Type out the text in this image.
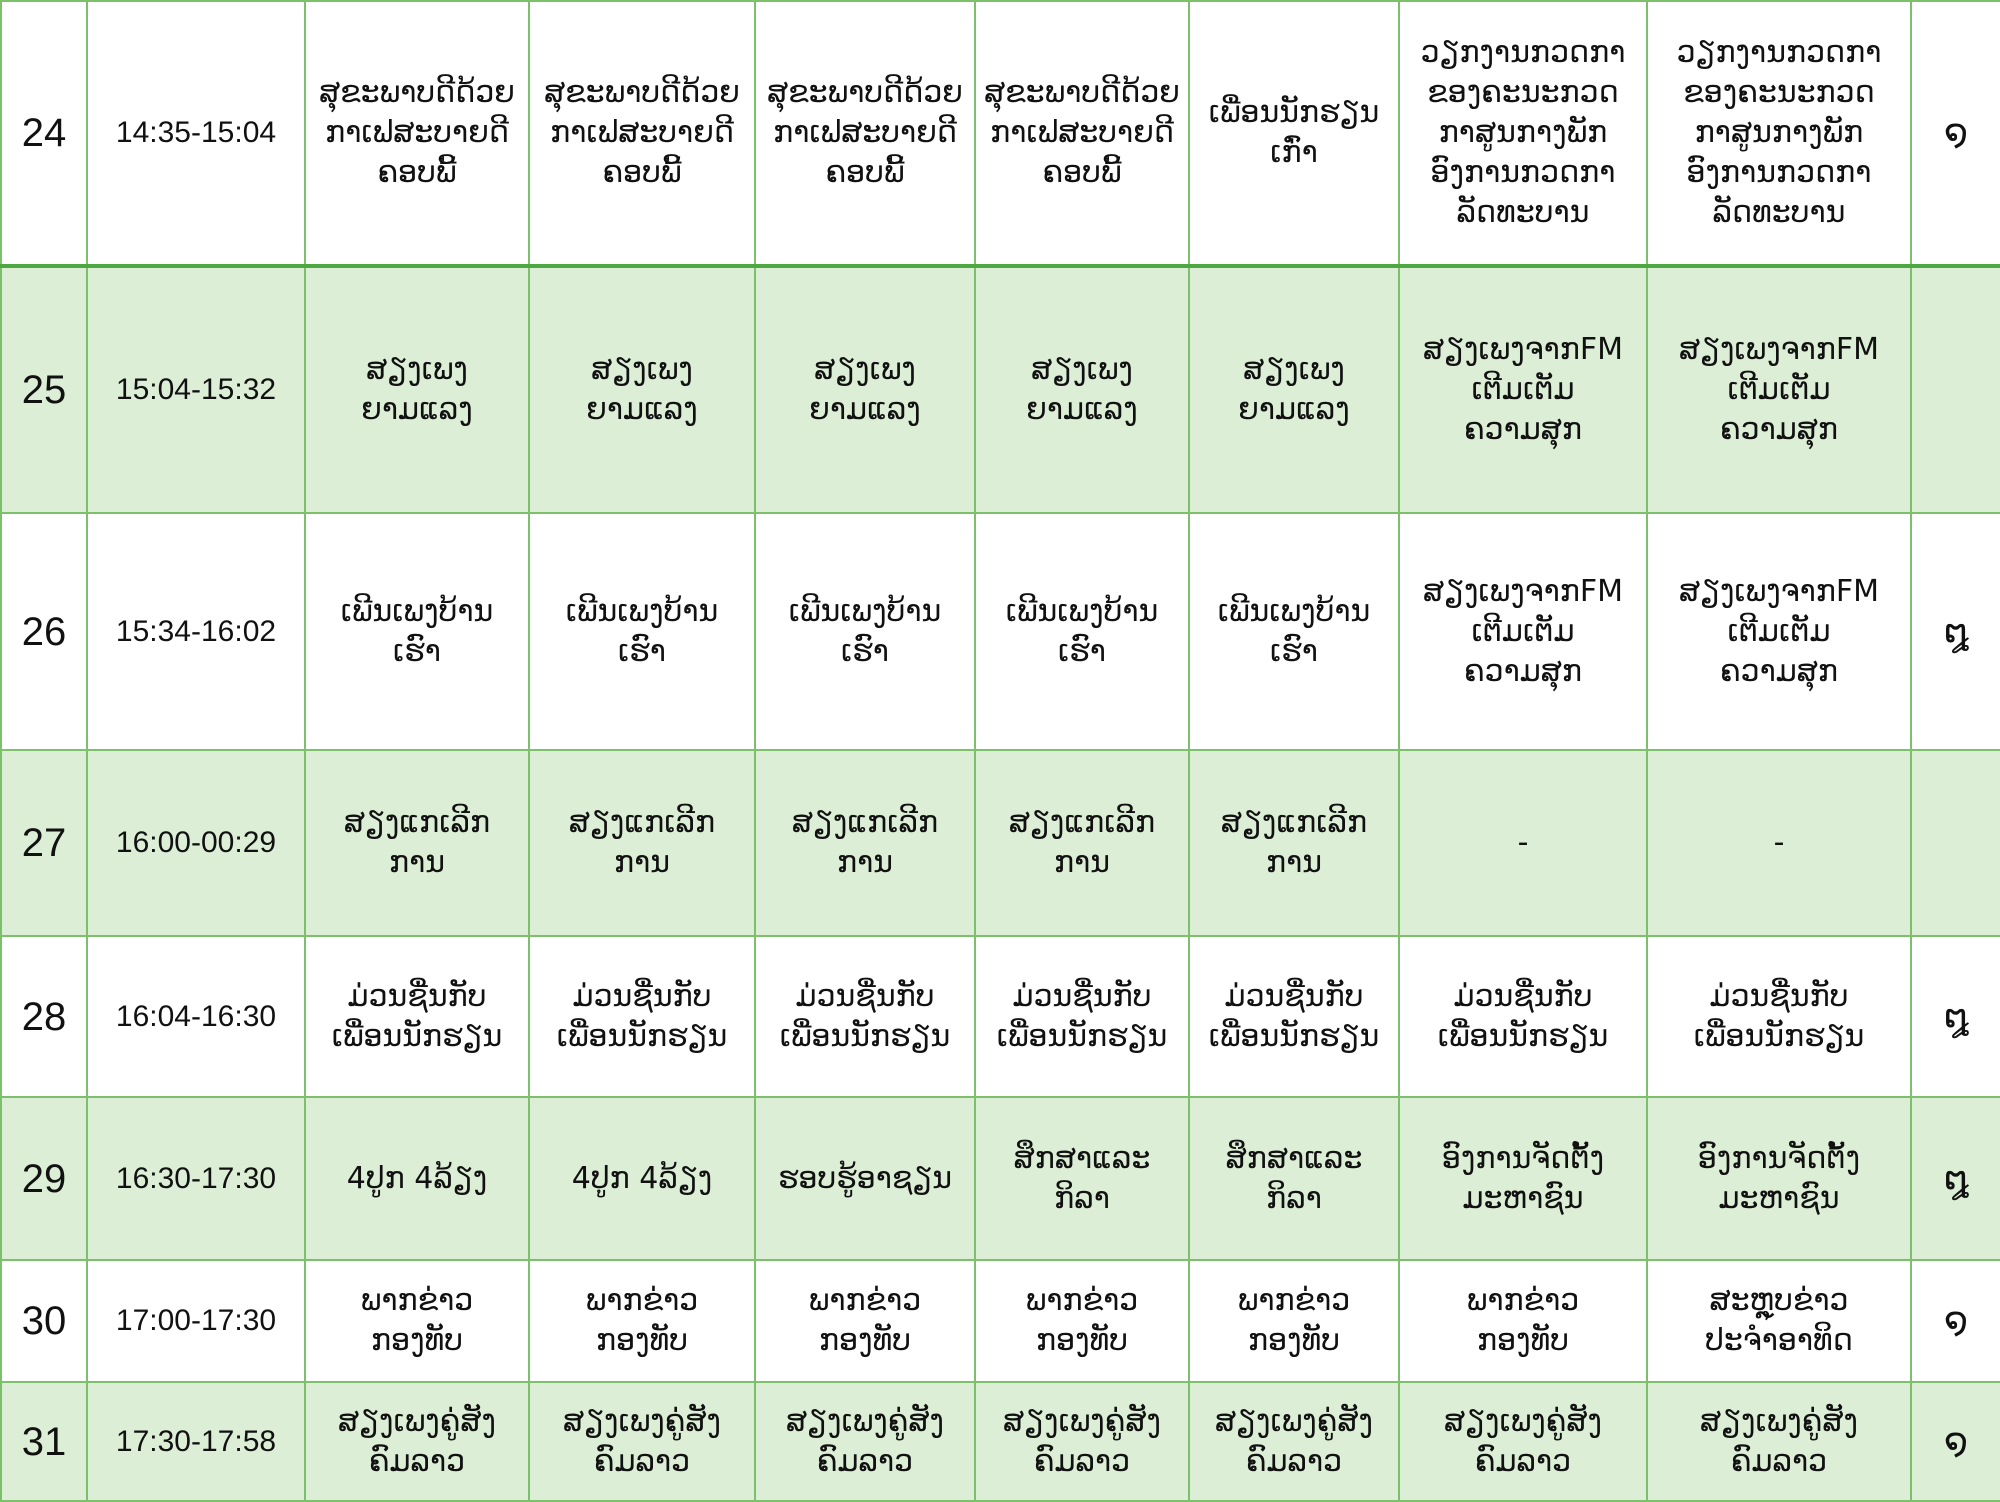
24	14:35-15:04	ສຸຂະພາບດີດ້ວຍ
ກາເຟສະບາຍດີ
ຄອບພີ້	ສຸຂະພາບດີດ້ວຍ
ກາເຟສະບາຍດີ
ຄອບພີ້	ສຸຂະພາບດີດ້ວຍ
ກາເຟສະບາຍດີ
ຄອບພີ້	ສຸຂະພາບດີດ້ວຍ
ກາເຟສະບາຍດີ
ຄອບພີ້	ເພື່ອນນັກຮຽນເກົ່າ	ວຽກງານກວດກາ
ຂອງຄະນະກວດ
ກາສູນກາງພັກ
ອົງການກວດກາ
ລັດທະບານ	ວຽກງານກວດກາ
ຂອງຄະນະກວດ
ກາສູນກາງພັກ
ອົງການກວດກາ
ລັດທະບານ	໑
25	15:04-15:32	ສຽງເພງ
ຍາມແລງ	ສຽງເພງ
ຍາມແລງ	ສຽງເພງ
ຍາມແລງ	ສຽງເພງ
ຍາມແລງ	ສຽງເພງ
ຍາມແລງ	ສຽງເພງຈາກFM
ເຕີມເຕັມ
ຄວາມສຸກ	ສຽງເພງຈາກFM
ເຕີມເຕັມ
ຄວາມສຸກ	
26	15:34-16:02	ເພີນເພງບ້ານ
ເຮົາ	ເພີນເພງບ້ານ
ເຮົາ	ເພີນເພງບ້ານ
ເຮົາ	ເພີນເພງບ້ານ
ເຮົາ	ເພີນເພງບ້ານ
ເຮົາ	ສຽງເພງຈາກFM
ເຕີມເຕັມ
ຄວາມສຸກ	ສຽງເພງຈາກFM
ເຕີມເຕັມ
ຄວາມສຸກ	໘
27	16:00-00:29	ສຽງແກເລີກ
ການ	ສຽງແກເລີກ
ການ	ສຽງແກເລີກ
ການ	ສຽງແກເລີກ
ການ	ສຽງແກເລີກ
ການ	-	-	
28	16:04-16:30	ມ່ວນຊື່ນກັບ
ເພື່ອນນັກຮຽນ	ມ່ວນຊື່ນກັບ
ເພື່ອນນັກຮຽນ	ມ່ວນຊື່ນກັບ
ເພື່ອນນັກຮຽນ	ມ່ວນຊື່ນກັບ
ເພື່ອນນັກຮຽນ	ມ່ວນຊື່ນກັບ
ເພື່ອນນັກຮຽນ	ມ່ວນຊື່ນກັບ
ເພື່ອນນັກຮຽນ	ມ່ວນຊື່ນກັບ
ເພື່ອນນັກຮຽນ	໘
29	16:30-17:30	4ປູກ 4ລ້ຽງ	4ປູກ 4ລ້ຽງ	ຮອບຮູ້ອາຊຽນ	ສຶກສາແລະ
ກິລາ	ສຶກສາແລະ
ກິລາ	ອົງການຈັດຕັ້ງ
ມະຫາຊົນ	ອົງການຈັດຕັ້ງ
ມະຫາຊົນ	໘
30	17:00-17:30	ພາກຂ່າວ
ກອງທັບ	ພາກຂ່າວ
ກອງທັບ	ພາກຂ່າວ
ກອງທັບ	ພາກຂ່າວ
ກອງທັບ	ພາກຂ່າວ
ກອງທັບ	ພາກຂ່າວ
ກອງທັບ	ສະຫຼຸບຂ່າວ
ປະຈຳອາທິດ	໑
31	17:30-17:58	ສຽງເພງຄູ່ສັງ
ຄົມລາວ	ສຽງເພງຄູ່ສັງ
ຄົມລາວ	ສຽງເພງຄູ່ສັງ
ຄົມລາວ	ສຽງເພງຄູ່ສັງ
ຄົມລາວ	ສຽງເພງຄູ່ສັງ
ຄົມລາວ	ສຽງເພງຄູ່ສັງ
ຄົມລາວ	ສຽງເພງຄູ່ສັງ
ຄົມລາວ	໑
